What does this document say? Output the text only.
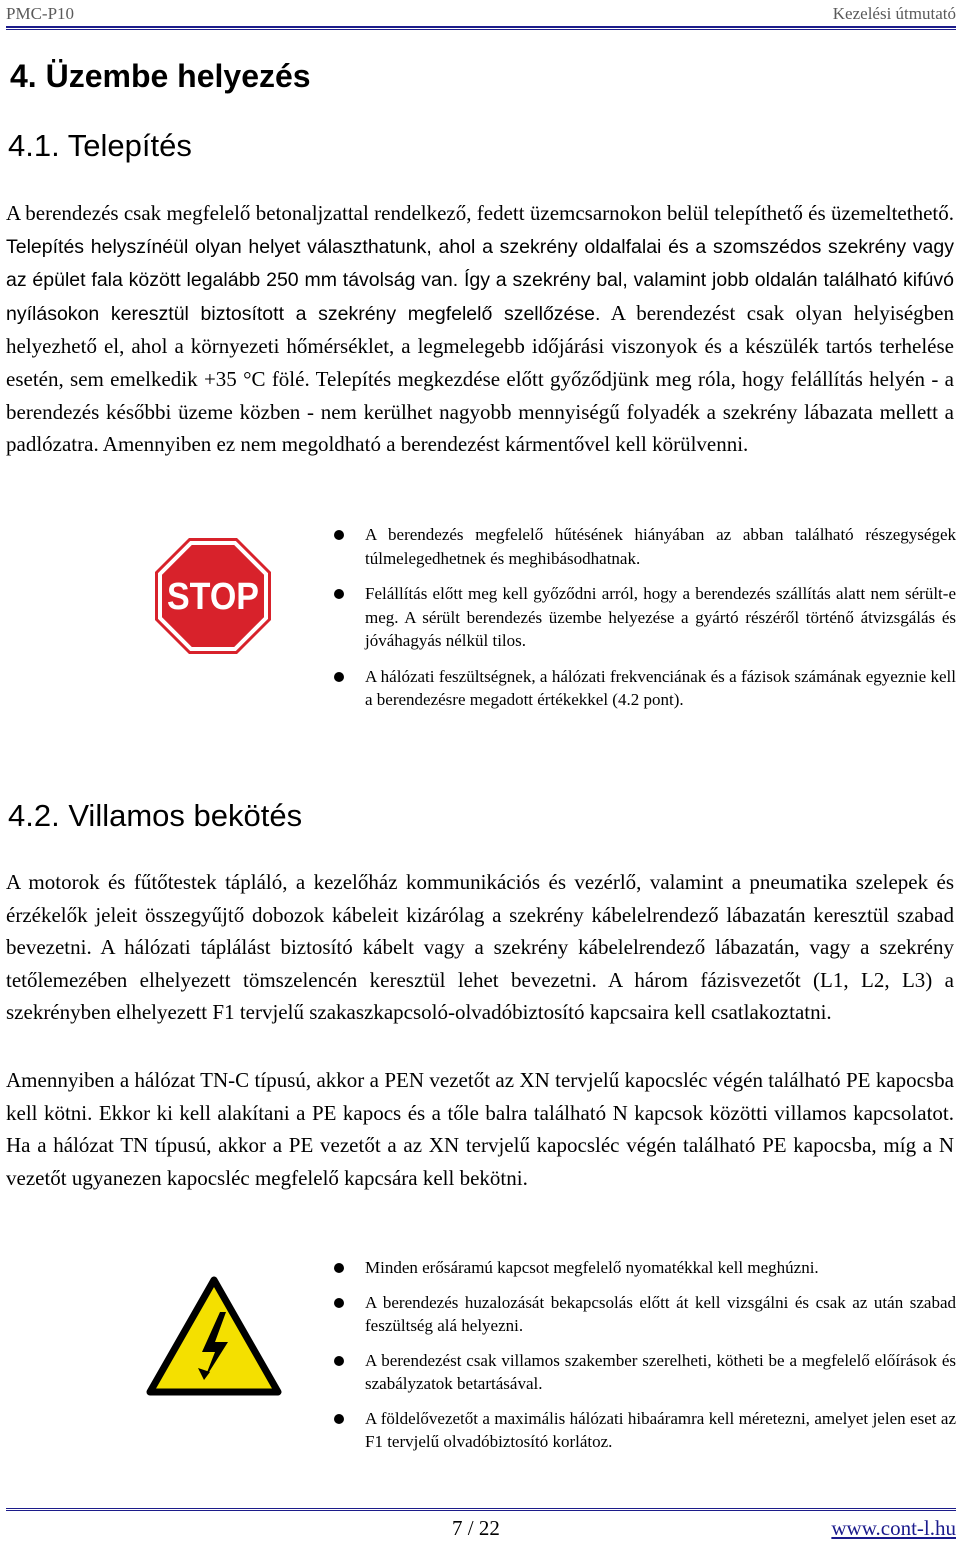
PMC-P10	Kezelési útmutató
4. Üzembe helyezés
4.1. Telepítés
A berendezés csak megfelelő betonaljzattal rendelkező, fedett üzemcsarnokon belül telepíthető és üzemeltethető. Telepítés helyszínéül olyan helyet választhatunk, ahol a szekrény oldalfalai és a szomszédos szekrény vagy az épület fala között legalább 250 mm távolság van. Így a szekrény bal, valamint jobb oldalán található kifúvó nyílásokon keresztül biztosított a szekrény megfelelő szellőzése. A berendezést csak olyan helyiségben helyezhető el, ahol a környezeti hőmérséklet, a legmelegebb időjárási viszonyok és a készülék tartós terhelése esetén, sem emelkedik +35 °C fölé. Telepítés megkezdése előtt győződjünk meg róla, hogy felállítás helyén - a berendezés későbbi üzeme közben - nem kerülhet nagyobb mennyiségű folyadék a szekrény lábazata mellett a padlózatra. Amennyiben ez nem megoldható a berendezést kármentővel kell körülvenni.
STOP
A berendezés megfelelő hűtésének hiányában az abban található részegységek túlmelegedhetnek és meghibásodhatnak.
Felállítás előtt meg kell győződni arról, hogy a berendezés szállítás alatt nem sérült-e meg. A sérült berendezés üzembe helyezése a gyártó részéről történő átvizsgálás és jóváhagyás nélkül tilos.
A hálózati feszültségnek, a hálózati frekvenciának és a fázisok számának egyeznie kell a berendezésre megadott értékekkel (4.2 pont).
4.2. Villamos bekötés
A motorok és fűtőtestek tápláló, a kezelőház kommunikációs és vezérlő, valamint a pneumatika szelepek és érzékelők jeleit összegyűjtő dobozok kábeleit kizárólag a szekrény kábelelrendező lábazatán keresztül szabad bevezetni. A hálózati táplálást biztosító kábelt vagy a szekrény kábelelrendező lábazatán, vagy a szekrény tetőlemezében elhelyezett tömszelencén keresztül lehet bevezetni. A három fázisvezetőt (L1, L2, L3) a szekrényben elhelyezett F1 tervjelű szakaszkapcsoló-olvadóbiztosító kapcsaira kell csatlakoztatni.
Amennyiben a hálózat TN-C típusú, akkor a PEN vezetőt az XN tervjelű kapocsléc végén található PE kapocsba kell kötni. Ekkor ki kell alakítani a PE kapocs és a tőle balra található N kapcsok közötti villamos kapcsolatot. Ha a hálózat TN típusú, akkor a PE vezetőt a az XN tervjelű kapocsléc végén található PE kapocsba, míg a N vezetőt ugyanezen kapocsléc megfelelő kapcsára kell bekötni.
Minden erősáramú kapcsot megfelelő nyomatékkal kell meghúzni.
A berendezés huzalozását bekapcsolás előtt át kell vizsgálni és csak az után szabad feszültség alá helyezni.
A berendezést csak villamos szakember szerelheti, kötheti be a megfelelő előírások és szabályzatok betartásával.
A földelővezetőt a maximális hálózati hibaáramra kell méretezni, amelyet jelen eset az F1 tervjelű olvadóbiztosító korlátoz.
7 / 22	www.cont-l.hu
